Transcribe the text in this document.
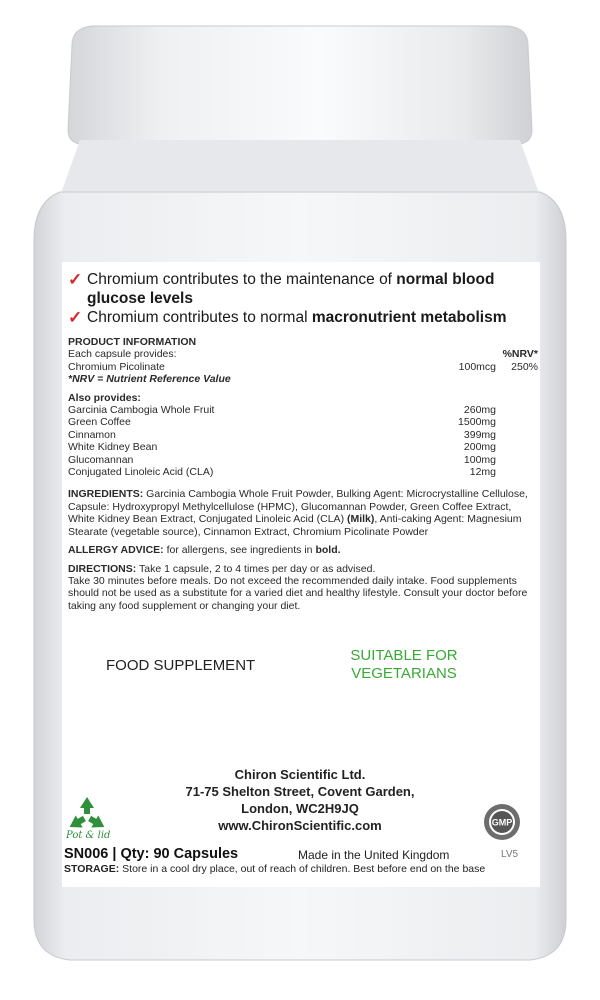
✓ Chromium contributes to the maintenance of normal blood glucose levels
✓ Chromium contributes to normal macronutrient metabolism
PRODUCT INFORMATION
Each capsule provides:	%NRV*
Chromium Picolinate	100mcg	250%
*NRV = Nutrient Reference Value
Also provides:
Garcinia Cambogia Whole Fruit	260mg
Green Coffee	1500mg
Cinnamon	399mg
White Kidney Bean	200mg
Glucomannan	100mg
Conjugated Linoleic Acid (CLA)	12mg
INGREDIENTS: Garcinia Cambogia Whole Fruit Powder, Bulking Agent: Microcrystalline Cellulose, Capsule: Hydroxypropyl Methylcellulose (HPMC), Glucomannan Powder, Green Coffee Extract, White Kidney Bean Extract, Conjugated Linoleic Acid (CLA) (Milk), Anti-caking Agent: Magnesium Stearate (vegetable source), Cinnamon Extract, Chromium Picolinate Powder
ALLERGY ADVICE: for allergens, see ingredients in bold.
DIRECTIONS: Take 1 capsule, 2 to 4 times per day or as advised.
Take 30 minutes before meals. Do not exceed the recommended daily intake. Food supplements should not be used as a substitute for a varied diet and healthy lifestyle. Consult your doctor before taking any food supplement or changing your diet.
FOOD SUPPLEMENT
SUITABLE FOR
VEGETARIANS
Chiron Scientific Ltd.
71-75 Shelton Street, Covent Garden,
London, WC2H9JQ
www.ChironScientific.com
Pot & lid
GMP
SN006 | Qty: 90 Capsules	Made in the United Kingdom	LV5
STORAGE: Store in a cool dry place, out of reach of children. Best before end on the base
